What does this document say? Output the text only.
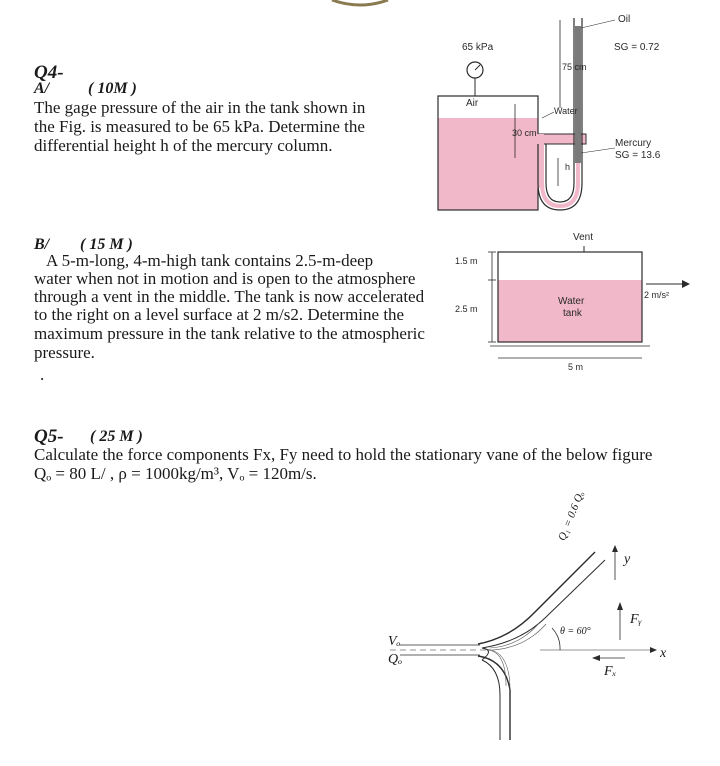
Q4-
A/ ( 10M )
The gage pressure of the air in the tank shown in
the Fig. is measured to be 65 kPa. Determine the
differential height h of the mercury column.
65 kPa
Air
Oil
SG = 0.72
75 cm
Water
30 cm
h
Mercury
SG = 13.6
B/ ( 15 M )
A 5-m-long, 4-m-high tank contains 2.5-m-deep
water when not in motion and is open to the atmosphere
through a vent in the middle. The tank is now accelerated
to the right on a level surface at 2 m/s2. Determine the
maximum pressure in the tank relative to the atmospheric
pressure.
.
Vent
1.5 m
2.5 m
Water
tank
2 m/s²
5 m
Q5- ( 25 M )
Calculate the force components Fx, Fy need to hold the stationary vane of the below figure
Qₒ = 80 L/ , ρ = 1000kg/m³, Vₒ = 120m/s.
Q₁ = 0.6 Qₒ
θ = 60°
Vₒ
Qₒ
y
x
Fᵧ
Fₓ
